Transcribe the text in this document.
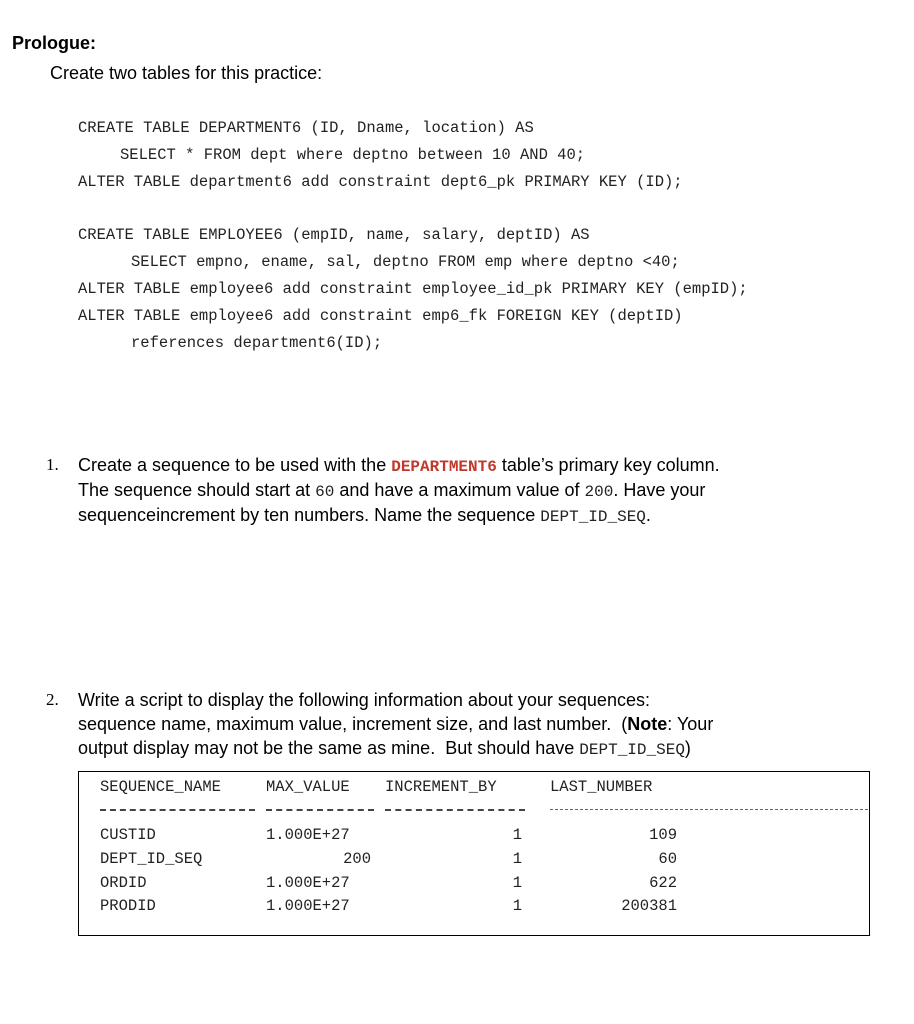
Prologue:
Create two tables for this practice:
CREATE TABLE DEPARTMENT6 (ID, Dname, location) AS
SELECT * FROM dept where deptno between 10 AND 40;
ALTER TABLE department6 add constraint dept6_pk PRIMARY KEY (ID);
CREATE TABLE EMPLOYEE6 (empID, name, salary, deptID) AS
SELECT empno, ename, sal, deptno FROM emp where deptno <40;
ALTER TABLE employee6 add constraint employee_id_pk PRIMARY KEY (empID);
ALTER TABLE employee6 add constraint emp6_fk FOREIGN KEY (deptID)
references department6(ID);
1. Create a sequence to be used with the DEPARTMENT6 table’s primary key column.
The sequence should start at 60 and have a maximum value of 200. Have your
sequenceincrement by ten numbers. Name the sequence DEPT_ID_SEQ.
2. Write a script to display the following information about your sequences:
sequence name, maximum value, increment size, and last number.  (Note: Your
output display may not be the same as mine.  But should have DEPT_ID_SEQ)
SEQUENCE_NAME	MAX_VALUE INCREMENT_BY	LAST_NUMBER
CUSTID	1.000E+27	1	109
DEPT_ID_SEQ	200	1	60
ORDID	1.000E+27	1	622
PRODID	1.000E+27	1	200381
